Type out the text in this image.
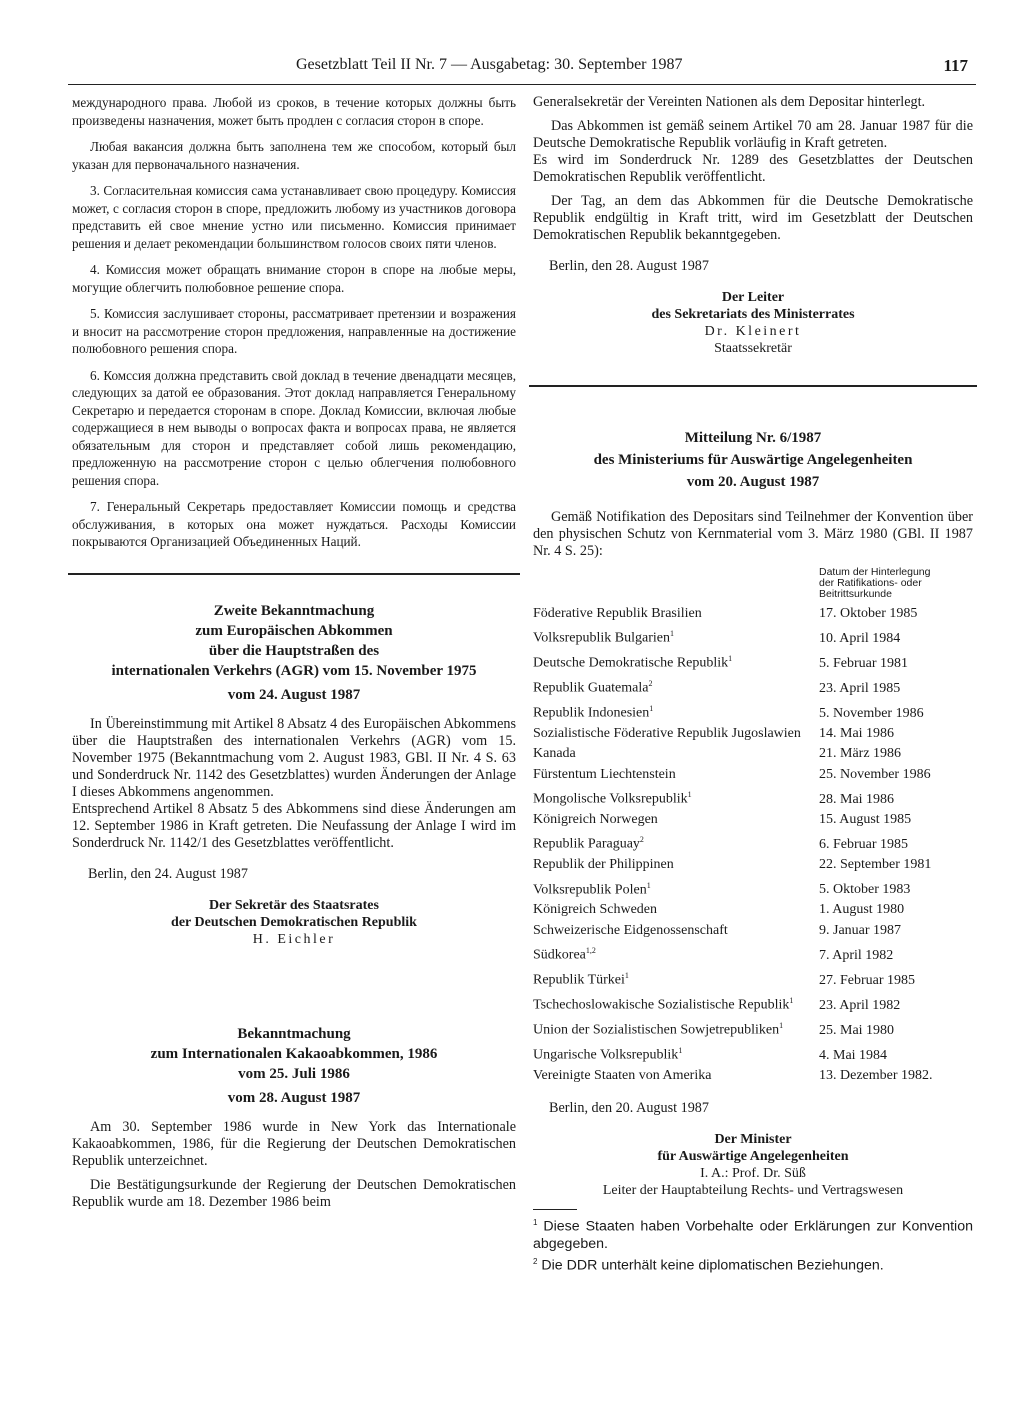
Gesetzblatt Teil II Nr. 7 — Ausgabetag: 30. September 1987	117

международного права. Любой из сроков, в течение которых должны быть произведены назначения, может быть продлен с согласия сторон в споре.

Любая вакансия должна быть заполнена тем же способом, который был указан для первоначального назначения.

3. Согласительная комиссия сама устанавливает свою процедуру. Комиссия может, с согласия сторон в споре, предложить любому из участников договора представить ей свое мнение устно или письменно. Комиссия принимает решения и делает рекомендации большинством голосов своих пяти членов.

4. Комиссия может обращать внимание сторон в споре на любые меры, могущие облегчить полюбовное решение спора.

5. Комиссия заслушивает стороны, рассматривает претензии и возражения и вносит на рассмотрение сторон предложения, направленные на достижение полюбовного решения спора.

6. Комссия должна представить свой доклад в течение двенадцати месяцев, следующих за датой ее образования. Этот доклад направляется Генеральному Секретарю и передается сторонам в споре. Доклад Комиссии, включая любые содержащиеся в нем выводы о вопросах факта и вопросах права, не является обязательным для сторон и представляет собой лишь рекомендацию, предложенную на рассмотрение сторон с целью облегчения полюбовного решения спора.

7. Генеральный Секретарь предоставляет Комиссии помощь и средства обслуживания, в которых она может нуждаться. Расходы Комиссии покрываются Организацией Объединенных Наций.

Zweite Bekanntmachung
zum Europäischen Abkommen
über die Hauptstraßen des
internationalen Verkehrs (AGR) vom 15. November 1975
vom 24. August 1987

In Übereinstimmung mit Artikel 8 Absatz 4 des Europäischen Abkommens über die Hauptstraßen des internationalen Verkehrs (AGR) vom 15. November 1975 (Bekanntmachung vom 2. August 1983, GBl. II Nr. 4 S. 63 und Sonderdruck Nr. 1142 des Gesetzblattes) wurden Änderungen der Anlage I dieses Abkommens angenommen.

Entsprechend Artikel 8 Absatz 5 des Abkommens sind diese Änderungen am 12. September 1986 in Kraft getreten. Die Neufassung der Anlage I wird im Sonderdruck Nr. 1142/1 des Gesetzblattes veröffentlicht.

Berlin, den 24. August 1987
Der Sekretär des Staatsrates
der Deutschen Demokratischen Republik
H. Eichler
Bekanntmachung
zum Internationalen Kakaoabkommen, 1986
vom 25. Juli 1986
vom 28. August 1987

Am 30. September 1986 wurde in New York das Internationale Kakaoabkommen, 1986, für die Regierung der Deutschen Demokratischen Republik unterzeichnet.

Die Bestätigungsurkunde der Regierung der Deutschen Demokratischen Republik wurde am 18. Dezember 1986 beim

Generalsekretär der Vereinten Nationen als dem Depositar hinterlegt.

Das Abkommen ist gemäß seinem Artikel 70 am 28. Januar 1987 für die Deutsche Demokratische Republik vorläufig in Kraft getreten.

Es wird im Sonderdruck Nr. 1289 des Gesetzblattes der Deutschen Demokratischen Republik veröffentlicht.

Der Tag, an dem das Abkommen für die Deutsche Demokratische Republik endgültig in Kraft tritt, wird im Gesetzblatt der Deutschen Demokratischen Republik bekanntgegeben.

Berlin, den 28. August 1987
Der Leiter
des Sekretariats des Ministerrates
Dr. Kleinert
Staatssekretär
Mitteilung Nr. 6/1987
des Ministeriums für Auswärtige Angelegenheiten
vom 20. August 1987

Gemäß Notifikation des Depositars sind Teilnehmer der Konvention über den physischen Schutz von Kernmaterial vom 3. März 1980 (GBl. II 1987 Nr. 4 S. 25):

Datum der Hinterlegung
der Ratifikations- oder
Beitrittsurkunde
Föderative Republik Brasilien	17. Oktober 1985
Volksrepublik Bulgarien$^1$	10. April 1984
Deutsche Demokratische Republik$^1$	5. Februar 1981
Republik Guatemala$^2$	23. April 1985
Republik Indonesien$^1$	5. November 1986
Sozialistische Föderative Republik Jugoslawien	14. Mai 1986
Kanada	21. März 1986
Fürstentum Liechtenstein	25. November 1986
Mongolische Volksrepublik$^1$	28. Mai 1986
Königreich Norwegen	15. August 1985
Republik Paraguay$^2$	6. Februar 1985
Republik der Philippinen	22. September 1981
Volksrepublik Polen$^1$	5. Oktober 1983
Königreich Schweden	1. August 1980
Schweizerische Eidgenossenschaft	9. Januar 1987
Südkorea$^{1,2}$	7. April 1982
Republik Türkei$^1$	27. Februar 1985
Tschechoslowakische Sozialistische Republik$^1$	23. April 1982
Union der Sozialistischen Sowjetrepubliken$^1$	25. Mai 1980
Ungarische Volksrepublik$^1$	4. Mai 1984
Vereinigte Staaten von Amerika	13. Dezember 1982.
Berlin, den 20. August 1987
Der Minister
für Auswärtige Angelegenheiten
I. A.: Prof. Dr. Süß
Leiter der Hauptabteilung Rechts- und Vertragswesen

$^1$ Diese Staaten haben Vorbehalte oder Erklärungen zur Konvention abgegeben.

$^2$ Die DDR unterhält keine diplomatischen Beziehungen.
